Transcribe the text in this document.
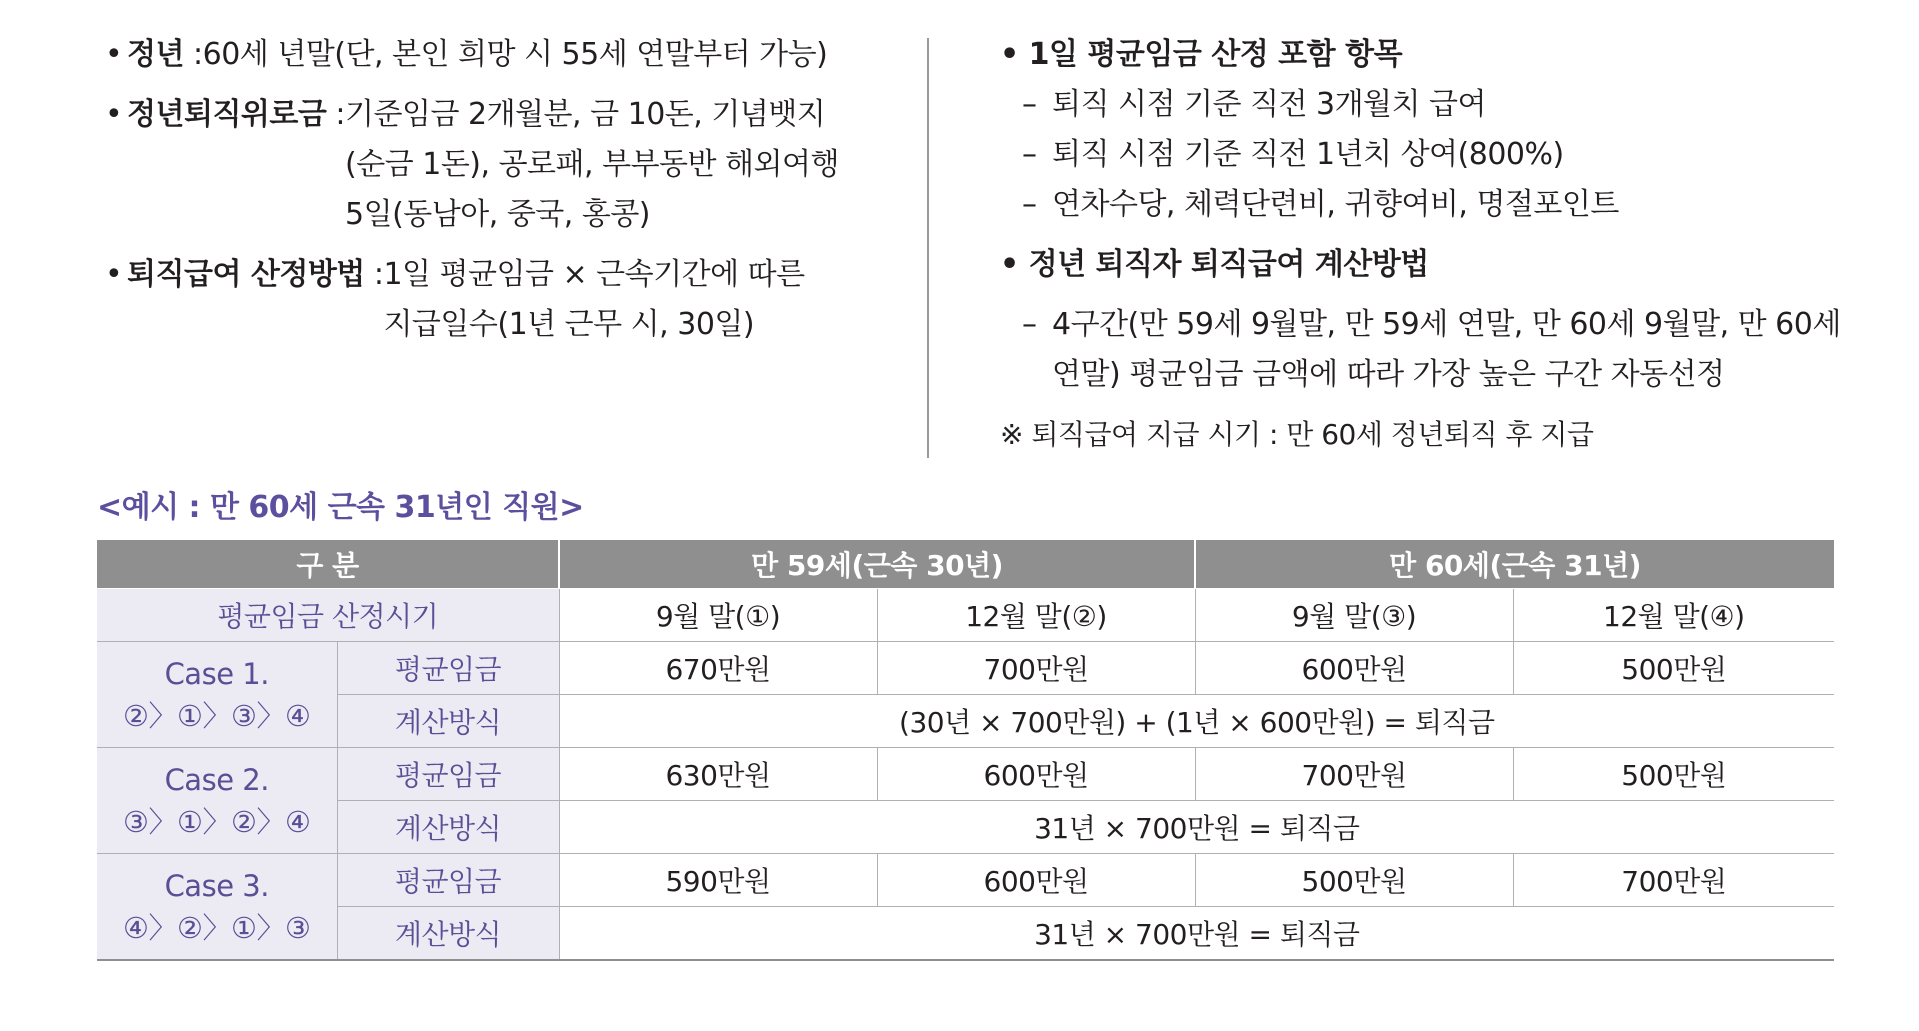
• 정년 : 60세 년말(단, 본인 희망 시 55세 연말부터 가능)
• 정년퇴직위로금 : 기준임금 2개월분, 금 10돈, 기념뱃지
(순금 1돈), 공로패, 부부동반 해외여행
5일(동남아, 중국, 홍콩)
• 퇴직급여 산정방법 : 1일 평균임금 × 근속기간에 따른
지급일수(1년 근무 시, 30일)
• 1일 평균임금 산정 포함 항목
– 퇴직 시점 기준 직전 3개월치 급여
– 퇴직 시점 기준 직전 1년치 상여(800%)
– 연차수당, 체력단련비, 귀향여비, 명절포인트
• 정년 퇴직자 퇴직급여 계산방법
– 4구간(만 59세 9월말, 만 59세 연말, 만 60세 9월말, 만 60세
연말) 평균임금 금액에 따라 가장 높은 구간 자동선정
※ 퇴직급여 지급 시기 : 만 60세 정년퇴직 후 지급
<예시 : 만 60세 근속 31년인 직원>
구 분		만 59세(근속 30년)		만 60세(근속 31년)	
평균임금 산정시기		9월 말(①)	12월 말(②)	9월 말(③)	12월 말(④)

Case 1.
②〉①〉③〉④	평균임금	670만원	700만원	600만원	500만원
	계산방식	(30년 × 700만원) + (1년 × 600만원) = 퇴직금			

Case 2.
③〉①〉②〉④	평균임금	630만원	600만원	700만원	500만원
	계산방식	31년 × 700만원 = 퇴직금			

Case 3.
④〉②〉①〉③	평균임금	590만원	600만원	500만원	700만원
	계산방식	31년 × 700만원 = 퇴직금			
